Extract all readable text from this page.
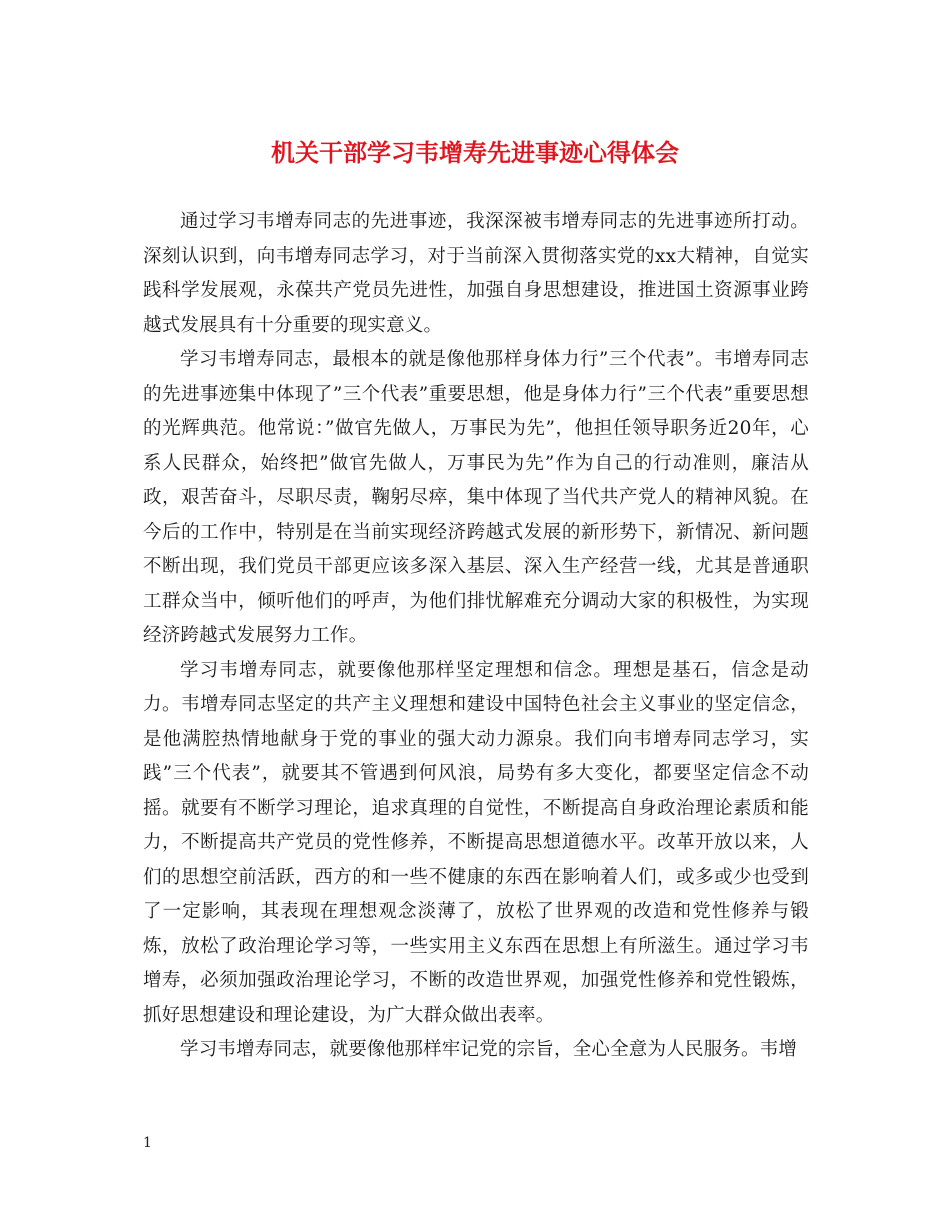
机关干部学习韦增寿先进事迹心得体会

通过学习韦增寿同志的先进事迹，我深深被韦增寿同志的先进事迹所打动。深刻认识到，向韦增寿同志学习，对于当前深入贯彻落实党的xx大精神，自觉实践科学发展观，永葆共产党员先进性，加强自身思想建设，推进国土资源事业跨越式发展具有十分重要的现实意义。

学习韦增寿同志，最根本的就是像他那样身体力行”三个代表”。韦增寿同志的先进事迹集中体现了”三个代表”重要思想，他是身体力行”三个代表”重要思想的光辉典范。他常说：”做官先做人，万事民为先”，他担任领导职务近20年，心系人民群众，始终把”做官先做人，万事民为先”作为自己的行动准则，廉洁从政，艰苦奋斗，尽职尽责，鞠躬尽瘁，集中体现了当代共产党人的精神风貌。在今后的工作中，特别是在当前实现经济跨越式发展的新形势下，新情况、新问题不断出现，我们党员干部更应该多深入基层、深入生产经营一线，尤其是普通职工群众当中，倾听他们的呼声，为他们排忧解难充分调动大家的积极性，为实现经济跨越式发展努力工作。

学习韦增寿同志，就要像他那样坚定理想和信念。理想是基石，信念是动力。韦增寿同志坚定的共产主义理想和建设中国特色社会主义事业的坚定信念，是他满腔热情地献身于党的事业的强大动力源泉。我们向韦增寿同志学习，实践”三个代表”，就要其不管遇到何风浪，局势有多大变化，都要坚定信念不动摇。就要有不断学习理论，追求真理的自觉性，不断提高自身政治理论素质和能力，不断提高共产党员的党性修养，不断提高思想道德水平。改革开放以来，人们的思想空前活跃，西方的和一些不健康的东西在影响着人们，或多或少也受到了一定影响，其表现在理想观念淡薄了，放松了世界观的改造和党性修养与锻炼，放松了政治理论学习等，一些实用主义东西在思想上有所滋生。通过学习韦增寿，必须加强政治理论学习，不断的改造世界观，加强党性修养和党性锻炼，抓好思想建设和理论建设，为广大群众做出表率。

学习韦增寿同志，就要像他那样牢记党的宗旨，全心全意为人民服务。韦增

1
